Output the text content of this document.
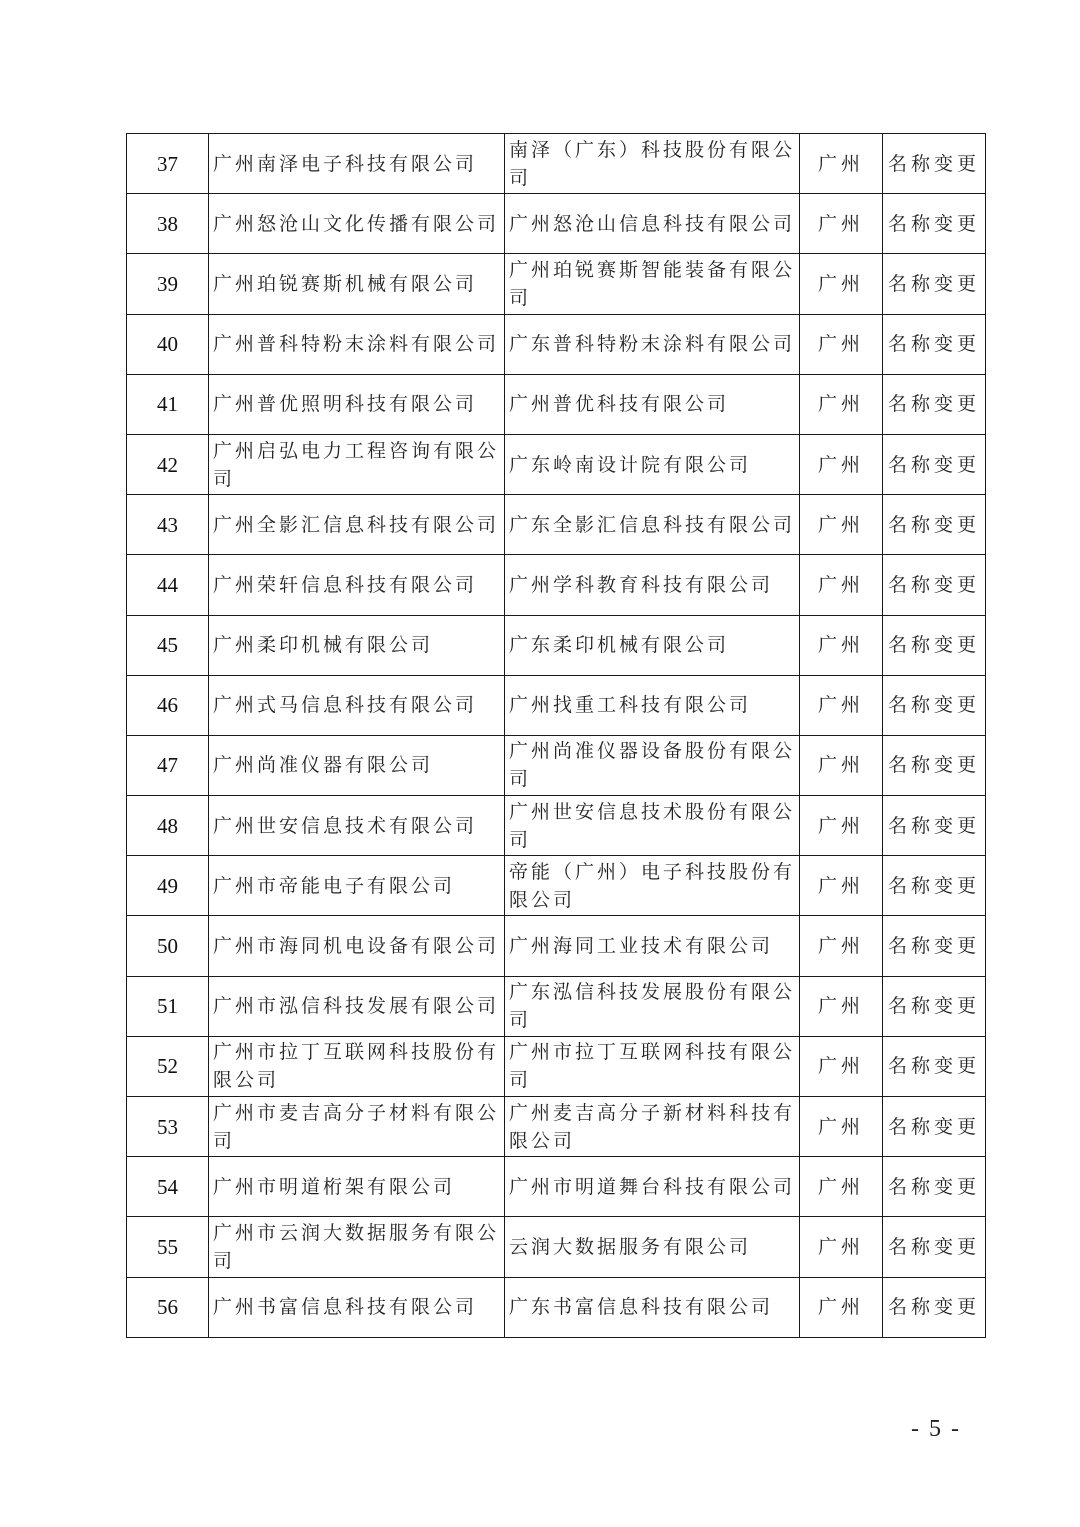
37	广州南泽电子科技有限公司	南泽（广东）科技股份有限公司	广州	名称变更
38	广州怒沧山文化传播有限公司	广州怒沧山信息科技有限公司	广州	名称变更
39	广州珀锐赛斯机械有限公司	广州珀锐赛斯智能装备有限公司	广州	名称变更
40	广州普科特粉末涂料有限公司	广东普科特粉末涂料有限公司	广州	名称变更
41	广州普优照明科技有限公司	广州普优科技有限公司	广州	名称变更
42	广州启弘电力工程咨询有限公司	广东岭南设计院有限公司	广州	名称变更
43	广州全影汇信息科技有限公司	广东全影汇信息科技有限公司	广州	名称变更
44	广州荣轩信息科技有限公司	广州学科教育科技有限公司	广州	名称变更
45	广州柔印机械有限公司	广东柔印机械有限公司	广州	名称变更
46	广州式马信息科技有限公司	广州找重工科技有限公司	广州	名称变更
47	广州尚准仪器有限公司	广州尚准仪器设备股份有限公司	广州	名称变更
48	广州世安信息技术有限公司	广州世安信息技术股份有限公司	广州	名称变更
49	广州市帝能电子有限公司	帝能（广州）电子科技股份有限公司	广州	名称变更
50	广州市海同机电设备有限公司	广州海同工业技术有限公司	广州	名称变更
51	广州市泓信科技发展有限公司	广东泓信科技发展股份有限公司	广州	名称变更
52	广州市拉丁互联网科技股份有限公司	广州市拉丁互联网科技有限公司	广州	名称变更
53	广州市麦吉高分子材料有限公司	广州麦吉高分子新材料科技有限公司	广州	名称变更
54	广州市明道桁架有限公司	广州市明道舞台科技有限公司	广州	名称变更
55	广州市云润大数据服务有限公司	云润大数据服务有限公司	广州	名称变更
56	广州书富信息科技有限公司	广东书富信息科技有限公司	广州	名称变更
- 5 -
